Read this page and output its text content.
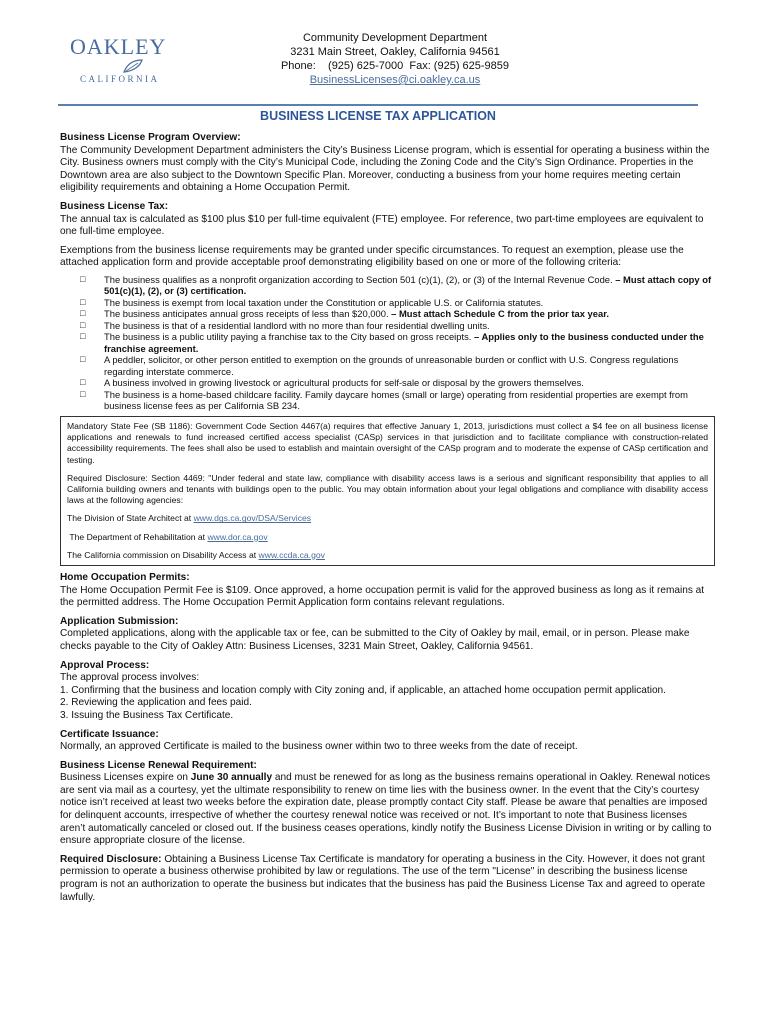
OAKLEY
CALIFORNIA
Community Development Department
3231 Main Street, Oakley, California 94561
Phone:    (925) 625-7000  Fax: (925) 625-9859
BusinessLicenses@ci.oakley.ca.us
BUSINESS LICENSE TAX APPLICATION

Business License Program Overview:

The Community Development Department administers the City’s Business License program, which is essential for operating a business within the City. Business owners must comply with the City’s Municipal Code, including the Zoning Code and the City’s Sign Ordinance. Properties in the Downtown area are also subject to the Downtown Specific Plan. Moreover, conducting a business from your home requires meeting certain eligibility requirements and obtaining a Home Occupation Permit.

Business License Tax:

The annual tax is calculated as $100 plus $10 per full-time equivalent (FTE) employee. For reference, two part-time employees are equivalent to one full-time employee.

Exemptions from the business license requirements may be granted under specific circumstances. To request an exemption, please use the attached application form and provide acceptable proof demonstrating eligibility based on one or more of the following criteria:

□ The business qualifies as a nonprofit organization according to Section 501 (c)(1), (2), or (3) of the Internal Revenue Code. – Must attach copy of 501(c)(1), (2), or (3) certification.
□ The business is exempt from local taxation under the Constitution or applicable U.S. or California statutes.
□ The business anticipates annual gross receipts of less than $20,000. – Must attach Schedule C from the prior tax year.
□ The business is that of a residential landlord with no more than four residential dwelling units.
□ The business is a public utility paying a franchise tax to the City based on gross receipts. – Applies only to the business conducted under the franchise agreement.
□ A peddler, solicitor, or other person entitled to exemption on the grounds of unreasonable burden or conflict with U.S. Congress regulations regarding interstate commerce.
□ A business involved in growing livestock or agricultural products for self-sale or disposal by the growers themselves.
□ The business is a home-based childcare facility. Family daycare homes (small or large) operating from residential properties are exempt from business license fees as per California SB 234.

Mandatory State Fee (SB 1186): Government Code Section 4467(a) requires that effective January 1, 2013, jurisdictions must collect a $4 fee on all business license applications and renewals to fund increased certified access specialist (CASp) services in that jurisdiction and to facilitate compliance with construction-related accessibility requirements. The fees shall also be used to establish and maintain oversight of the CASp program and to moderate the expense of CASp certification and testing.

Required Disclosure: Section 4469: "Under federal and state law, compliance with disability access laws is a serious and significant responsibility that applies to all California building owners and tenants with buildings open to the public. You may obtain information about your legal obligations and compliance with disability access laws at the following agencies:

The Division of State Architect at www.dgs.ca.gov/DSA/Services

The Department of Rehabilitation at www.dor.ca.gov

The California commission on Disability Access at www.ccda.ca.gov

Home Occupation Permits:

The Home Occupation Permit Fee is $109. Once approved, a home occupation permit is valid for the approved business as long as it remains at the permitted address. The Home Occupation Permit Application form contains relevant regulations.

Application Submission:

Completed applications, along with the applicable tax or fee, can be submitted to the City of Oakley by mail, email, or in person. Please make checks payable to the City of Oakley Attn: Business Licenses, 3231 Main Street, Oakley, California 94561.

Approval Process:

The approval process involves:

1. Confirming that the business and location comply with City zoning and, if applicable, an attached home occupation permit application.
2. Reviewing the application and fees paid.
3. Issuing the Business Tax Certificate.

Certificate Issuance:

Normally, an approved Certificate is mailed to the business owner within two to three weeks from the date of receipt.

Business License Renewal Requirement:

Business Licenses expire on June 30 annually and must be renewed for as long as the business remains operational in Oakley. Renewal notices are sent via mail as a courtesy, yet the ultimate responsibility to renew on time lies with the business owner. In the event that the City’s courtesy notice isn’t received at least two weeks before the expiration date, please promptly contact City staff. Please be aware that penalties are imposed for delinquent accounts, irrespective of whether the courtesy renewal notice was received or not. It’s important to note that Business licenses aren’t automatically canceled or closed out. If the business ceases operations, kindly notify the Business License Division in writing or by calling to ensure appropriate closure of the license.

Required Disclosure: Obtaining a Business License Tax Certificate is mandatory for operating a business in the City. However, it does not grant permission to operate a business otherwise prohibited by law or regulations. The use of the term "License" in describing the business license program is not an authorization to operate the business but indicates that the business has paid the Business License Tax and agreed to operate lawfully.
